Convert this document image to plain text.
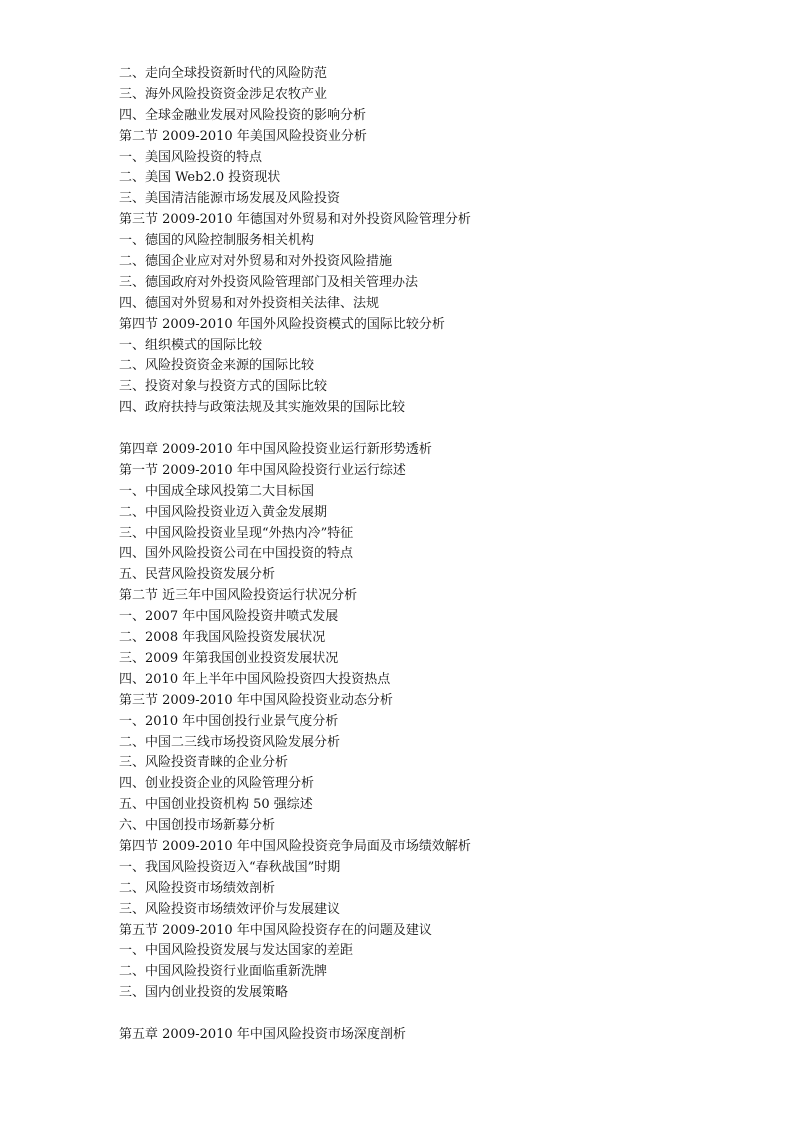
二、走向全球投资新时代的风险防范
三、海外风险投资资金涉足农牧产业
四、全球金融业发展对风险投资的影响分析
第二节 2009-2010 年美国风险投资业分析
一、美国风险投资的特点
二、美国 Web2.0 投资现状
三、美国清洁能源市场发展及风险投资
第三节 2009-2010 年德国对外贸易和对外投资风险管理分析
一、德国的风险控制服务相关机构
二、德国企业应对对外贸易和对外投资风险措施
三、德国政府对外投资风险管理部门及相关管理办法
四、德国对外贸易和对外投资相关法律、法规
第四节 2009-2010 年国外风险投资模式的国际比较分析
一、组织模式的国际比较
二、风险投资资金来源的国际比较
三、投资对象与投资方式的国际比较
四、政府扶持与政策法规及其实施效果的国际比较
第四章 2009-2010 年中国风险投资业运行新形势透析
第一节 2009-2010 年中国风险投资行业运行综述
一、中国成全球风投第二大目标国
二、中国风险投资业迈入黄金发展期
三、中国风险投资业呈现“外热内冷”特征
四、国外风险投资公司在中国投资的特点
五、民营风险投资发展分析
第二节 近三年中国风险投资运行状况分析
一、2007 年中国风险投资井喷式发展
二、2008 年我国风险投资发展状况
三、2009 年第我国创业投资发展状况
四、2010 年上半年中国风险投资四大投资热点
第三节 2009-2010 年中国风险投资业动态分析
一、2010 年中国创投行业景气度分析
二、中国二三线市场投资风险发展分析
三、风险投资青睐的企业分析
四、创业投资企业的风险管理分析
五、中国创业投资机构 50 强综述
六、中国创投市场新募分析
第四节 2009-2010 年中国风险投资竞争局面及市场绩效解析
一、我国风险投资迈入“春秋战国”时期
二、风险投资市场绩效剖析
三、风险投资市场绩效评价与发展建议
第五节 2009-2010 年中国风险投资存在的问题及建议
一、中国风险投资发展与发达国家的差距
二、中国风险投资行业面临重新洗牌
三、国内创业投资的发展策略
第五章 2009-2010 年中国风险投资市场深度剖析
